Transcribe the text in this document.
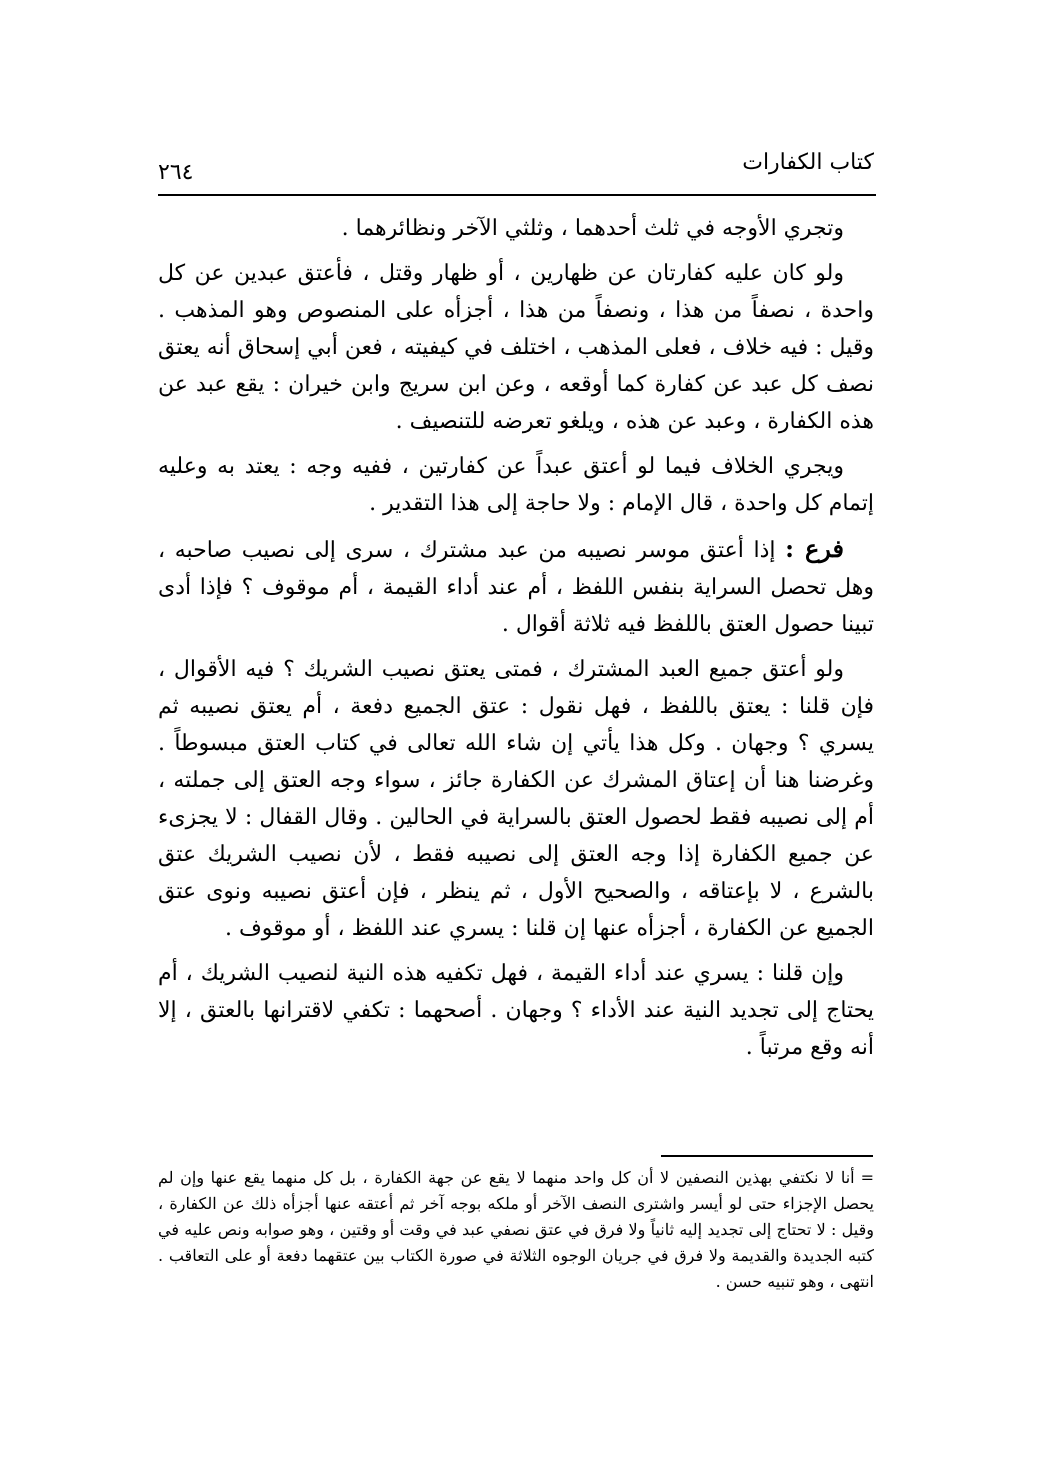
كتاب الكفارات
٢٦٤

وتجري الأوجه في ثلث أحدهما ، وثلثي الآخر ونظائرهما .

ولو كان عليه كفارتان عن ظهارين ، أو ظهار وقتل ، فأعتق عبدين عن كل واحدة ، نصفاً من هذا ، ونصفاً من هذا ، أجزأه على المنصوص وهو المذهب . وقيل : فيه خلاف ، فعلى المذهب ، اختلف في كيفيته ، فعن أبي إسحاق أنه يعتق نصف كل عبد عن كفارة كما أوقعه ، وعن ابن سريج وابن خيران : يقع عبد عن هذه الكفارة ، وعبد عن هذه ، ويلغو تعرضه للتنصيف .

ويجري الخلاف فيما لو أعتق عبداً عن كفارتين ، ففيه وجه : يعتد به وعليه إتمام كل واحدة ، قال الإمام : ولا حاجة إلى هذا التقدير .

فرع : إذا أعتق موسر نصيبه من عبد مشترك ، سرى إلى نصيب صاحبه ، وهل تحصل السراية بنفس اللفظ ، أم عند أداء القيمة ، أم موقوف ؟ فإذا أدى تبينا حصول العتق باللفظ فيه ثلاثة أقوال .

ولو أعتق جميع العبد المشترك ، فمتى يعتق نصيب الشريك ؟ فيه الأقوال ، فإن قلنا : يعتق باللفظ ، فهل نقول : عتق الجميع دفعة ، أم يعتق نصيبه ثم يسري ؟ وجهان . وكل هذا يأتي إن شاء الله تعالى في كتاب العتق مبسوطاً . وغرضنا هنا أن إعتاق المشرك عن الكفارة جائز ، سواء وجه العتق إلى جملته ، أم إلى نصيبه فقط لحصول العتق بالسراية في الحالين . وقال القفال : لا يجزىء عن جميع الكفارة إذا وجه العتق إلى نصيبه فقط ، لأن نصيب الشريك عتق بالشرع ، لا بإعتاقه ، والصحيح الأول ، ثم ينظر ، فإن أعتق نصيبه ونوى عتق الجميع عن الكفارة ، أجزأه عنها إن قلنا : يسري عند اللفظ ، أو موقوف .

وإن قلنا : يسري عند أداء القيمة ، فهل تكفيه هذه النية لنصيب الشريك ، أم يحتاج إلى تجديد النية عند الأداء ؟ وجهان . أصحهما : تكفي لاقترانها بالعتق ، إلا أنه وقع مرتباً .

=أنا لا نكتفي بهذين النصفين لا أن كل واحد منهما لا يقع عن جهة الكفارة ، بل كل منهما يقع عنها وإن لم يحصل الإجزاء حتى لو أيسر واشترى النصف الآخر أو ملكه بوجه آخر ثم أعتقه عنها أجزأه ذلك عن الكفارة ، وقيل : لا تحتاج إلى تجديد إليه ثانياً ولا فرق في عتق نصفي عبد في وقت أو وقتين ، وهو صوابه ونص عليه في كتبه الجديدة والقديمة ولا فرق في جريان الوجوه الثلاثة في صورة الكتاب بين عتقهما دفعة أو على التعاقب . انتهى ، وهو تنبيه حسن .
